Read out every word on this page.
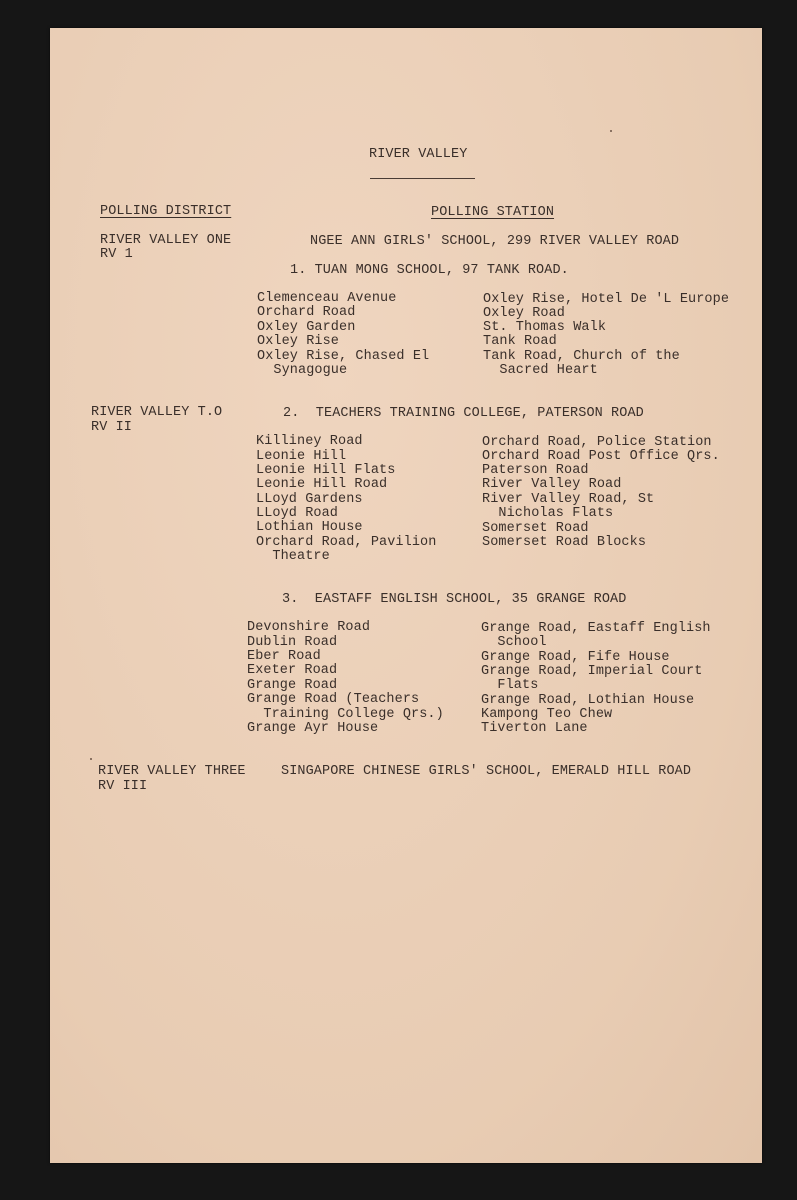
RIVER VALLEY
POLLING DISTRICT	POLLING STATION
RIVER VALLEY ONE
RV 1
NGEE ANN GIRLS' SCHOOL, 299 RIVER VALLEY ROAD
1. TUAN MONG SCHOOL, 97 TANK ROAD.
Clemenceau Avenue
Orchard Road
Oxley Garden
Oxley Rise
Oxley Rise, Chased El
Synagogue
Oxley Rise, Hotel De 'L Europe
Oxley Road
St. Thomas Walk
Tank Road
Tank Road, Church of the
Sacred Heart
RIVER VALLEY T.O
RV II
2.  TEACHERS TRAINING COLLEGE, PATERSON ROAD
Killiney Road
Leonie Hill
Leonie Hill Flats
Leonie Hill Road
LLoyd Gardens
LLoyd Road
Lothian House
Orchard Road, Pavilion
Theatre
Orchard Road, Police Station
Orchard Road Post Office Qrs.
Paterson Road
River Valley Road
River Valley Road, St
Nicholas Flats
Somerset Road
Somerset Road Blocks
3.  EASTAFF ENGLISH SCHOOL, 35 GRANGE ROAD
Devonshire Road
Dublin Road
Eber Road
Exeter Road
Grange Road
Grange Road (Teachers
Training College Qrs.)
Grange Ayr House
Grange Road, Eastaff English
School
Grange Road, Fife House
Grange Road, Imperial Court
Flats
Grange Road, Lothian House
Kampong Teo Chew
Tiverton Lane
RIVER VALLEY THREE
RV III
SINGAPORE CHINESE GIRLS' SCHOOL, EMERALD HILL ROAD
